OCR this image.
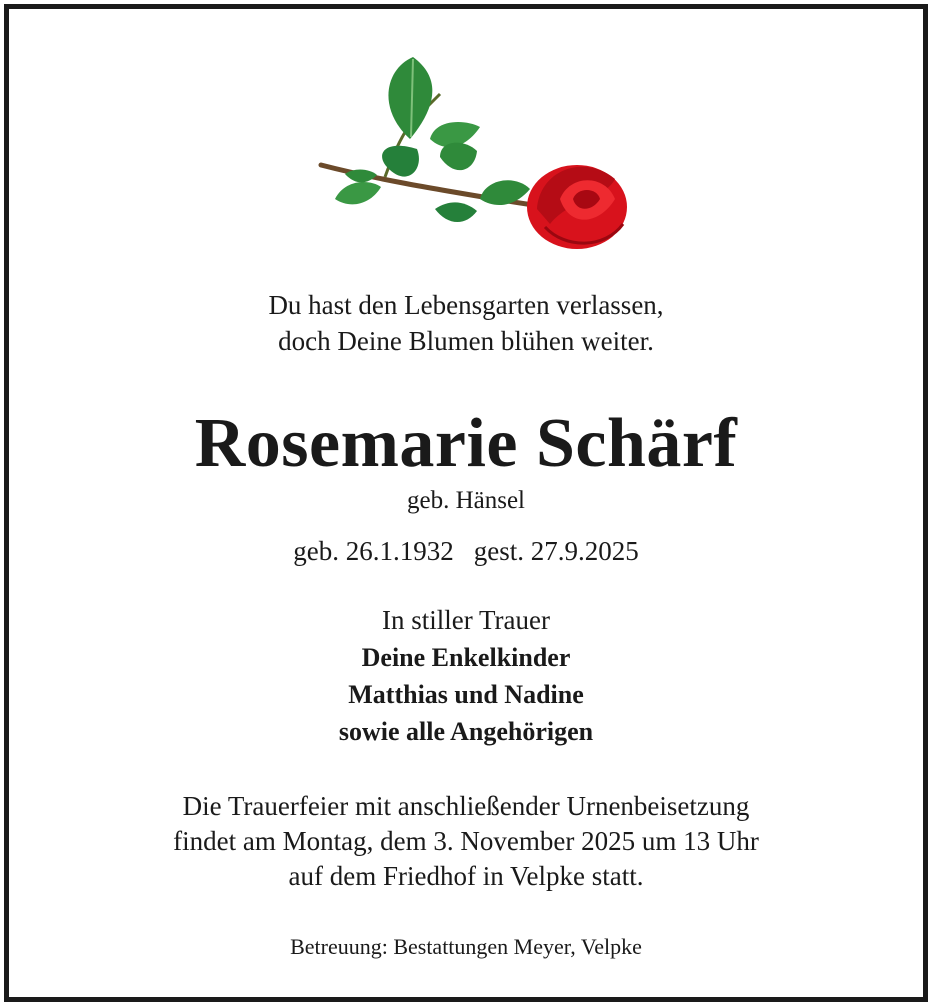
Du hast den Lebensgarten verlassen,
doch Deine Blumen blühen weiter.
Rosemarie Schärf
geb. Hänsel
geb. 26.1.1932 gest. 27.9.2025
In stiller Trauer
Deine Enkelkinder
Matthias und Nadine
sowie alle Angehörigen
Die Trauerfeier mit anschließender Urnenbeisetzung
findet am Montag, dem 3. November 2025 um 13 Uhr
auf dem Friedhof in Velpke statt.
Betreuung: Bestattungen Meyer, Velpke
